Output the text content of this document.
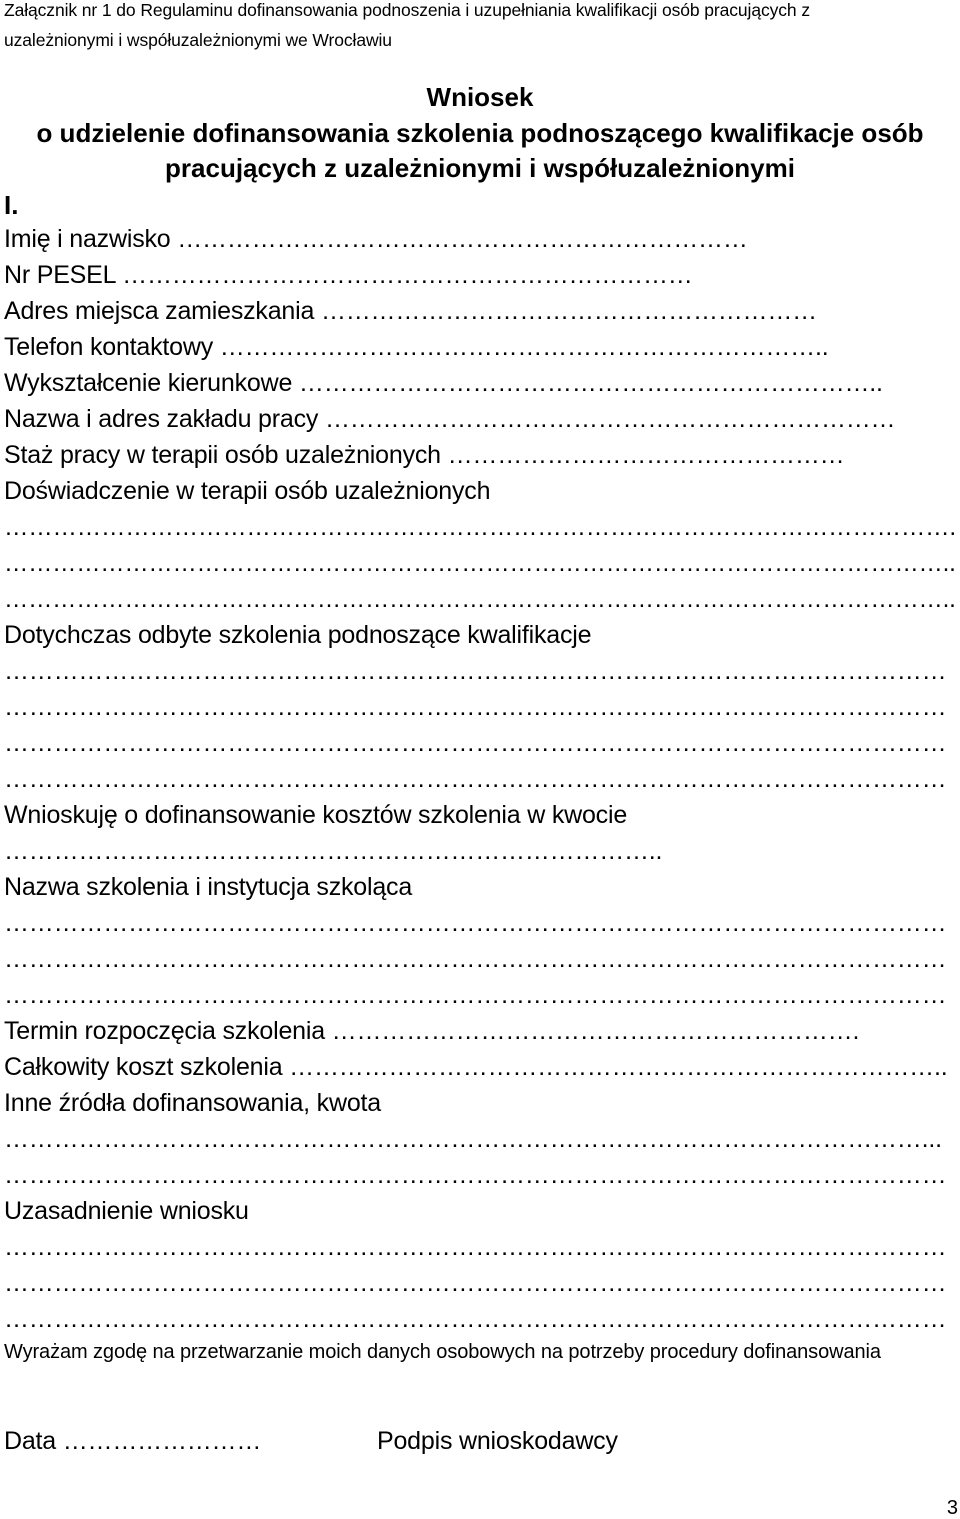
Załącznik nr 1 do Regulaminu dofinansowania podnoszenia i uzupełniania kwalifikacji osób pracujących z
uzależnionymi i współuzależnionymi we Wrocławiu
Wniosek
o udzielenie dofinansowania szkolenia podnoszącego kwalifikacje osób
pracujących z uzależnionymi i współuzależnionymi
I.
Imię i nazwisko ……………………………………………………………
Nr PESEL ……………………………………………………………
Adres miejsca zamieszkania ……………………………………………………
Telefon kontaktowy ………………………………………………………………..
Wykształcenie kierunkowe ……………………………………………………………..
Nazwa i adres zakładu pracy ……………………………………………………………
Staż pracy w terapii osób uzależnionych …………………………………………
Doświadczenie w terapii osób uzależnionych
……………………………………………………………………………………………………….
………………………………………………………………………………………………………..
………………………………………………………………………………………………………..
Dotychczas odbyte szkolenia podnoszące kwalifikacje
……………………………………………………………………………………………………
……………………………………………………………………………………………………
……………………………………………………………………………………………………
……………………………………………………………………………………………………
Wnioskuję o dofinansowanie kosztów szkolenia w kwocie
……………………………………………………………………..
Nazwa szkolenia i instytucja szkoląca
……………………………………………………………………………………………………
……………………………………………………………………………………………………
……………………………………………………………………………………………………
Termin rozpoczęcia szkolenia ……………………………………………………….
Całkowity koszt szkolenia ……………………………………………………………………..
Inne źródła dofinansowania, kwota
…………………………………………………………………………………………………...
……………………………………………………………………………………………………
Uzasadnienie wniosku
……………………………………………………………………………………………………
……………………………………………………………………………………………………
……………………………………………………………………………………………………
Wyrażam zgodę na przetwarzanie moich danych osobowych na potrzeby procedury dofinansowania
Data ……………………	Podpis wnioskodawcy
3
